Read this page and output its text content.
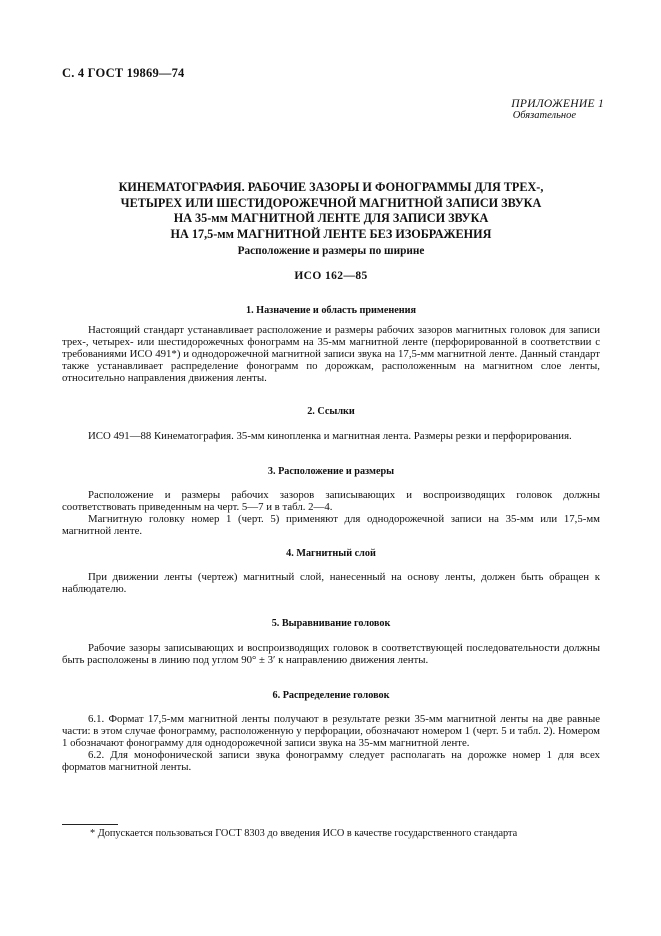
С. 4 ГОСТ 19869—74
ПРИЛОЖЕНИЕ 1
Обязательное
КИНЕМАТОГРАФИЯ. РАБОЧИЕ ЗАЗОРЫ И ФОНОГРАММЫ ДЛЯ ТРЕХ-,
ЧЕТЫРЕХ ИЛИ ШЕСТИДОРОЖЕЧНОЙ МАГНИТНОЙ ЗАПИСИ ЗВУКА
НА 35-мм МАГНИТНОЙ ЛЕНТЕ ДЛЯ ЗАПИСИ ЗВУКА
НА 17,5-мм МАГНИТНОЙ ЛЕНТЕ БЕЗ ИЗОБРАЖЕНИЯ
Расположение и размеры по ширине
ИСО 162—85
1. Назначение и область применения

Настоящий стандарт устанавливает расположение и размеры рабочих зазоров магнитных головок для записи трех-, четырех- или шестидорожечных фонограмм на 35-мм магнитной ленте (перфорированной в соответствии с требованиями ИСО 491*) и однодорожечной магнитной записи звука на 17,5-мм магнитной ленте. Данный стандарт также устанавливает распределение фонограмм по дорожкам, расположенным на магнитном слое ленты, относительно направления движения ленты.

2. Ссылки

ИСО 491—88 Кинематография. 35-мм кинопленка и магнитная лента. Размеры резки и перфорирования.

3. Расположение и размеры

Расположение и размеры рабочих зазоров записывающих и воспроизводящих головок должны соответствовать приведенным на черт. 5—7 и в табл. 2—4.

Магнитную головку номер 1 (черт. 5) применяют для однодорожечной записи на 35-мм или 17,5-мм магнитной ленте.

4. Магнитный слой

При движении ленты (чертеж) магнитный слой, нанесенный на основу ленты, должен быть обращен к наблюдателю.

5. Выравнивание головок

Рабочие зазоры записывающих и воспроизводящих головок в соответствующей последовательности должны быть расположены в линию под углом 90° ± 3′ к направлению движения ленты.

6. Распределение головок

6.1. Формат 17,5-мм магнитной ленты получают в результате резки 35-мм магнитной ленты на две равные части: в этом случае фонограмму, расположенную у перфорации, обозначают номером 1 (черт. 5 и табл. 2). Номером 1 обозначают фонограмму для однодорожечной записи звука на 35-мм магнитной ленте.

6.2. Для монофонической записи звука фонограмму следует располагать на дорожке номер 1 для всех форматов магнитной ленты.

* Допускается пользоваться ГОСТ 8303 до введения ИСО в качестве государственного стандарта
